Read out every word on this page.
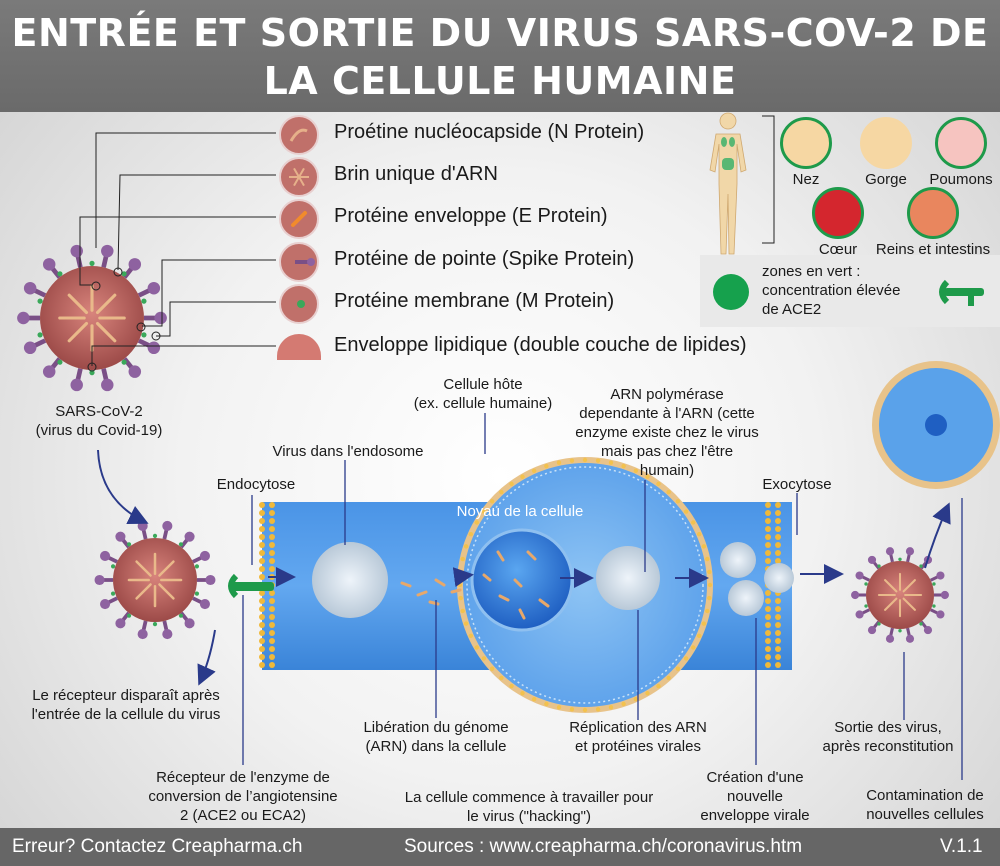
ENTRÉE ET SORTIE DU VIRUS SARS-COV-2 DE
LA CELLULE HUMAINE
Proétine nucléocapside (N Protein)
Brin unique d'ARN
Protéine enveloppe (E Protein)
Protéine de pointe (Spike Protein)
Protéine membrane (M Protein)
Enveloppe lipidique (double couche de lipides)
Nez	Gorge	Poumons
Cœur	Reins et intestins
zones en vert :
concentration élevée
de ACE2
SARS-CoV-2
(virus du Covid-19)
Cellule hôte
(ex. cellule humaine)
ARN polymérase
dependante à l'ARN (cette
enzyme existe chez le virus
mais pas chez l'être
humain)
Virus dans l'endosome
Endocytose	Exocytose
Noyau de la cellule
Le récepteur disparaît après
l'entrée de la cellule du virus
Libération du génome
(ARN) dans la cellule
Réplication des ARN
et protéines virales
Sortie des virus,
après reconstitution
Récepteur de l'enzyme de
conversion de l’angiotensine
2 (ACE2 ou ECA2)
La cellule commence à travailler pour
le virus ("hacking")
Création d'une
nouvelle
enveloppe virale
Contamination de
nouvelles cellules
Erreur? Contactez Creapharma.ch	Sources : www.creapharma.ch/coronavirus.htm	V.1.1
